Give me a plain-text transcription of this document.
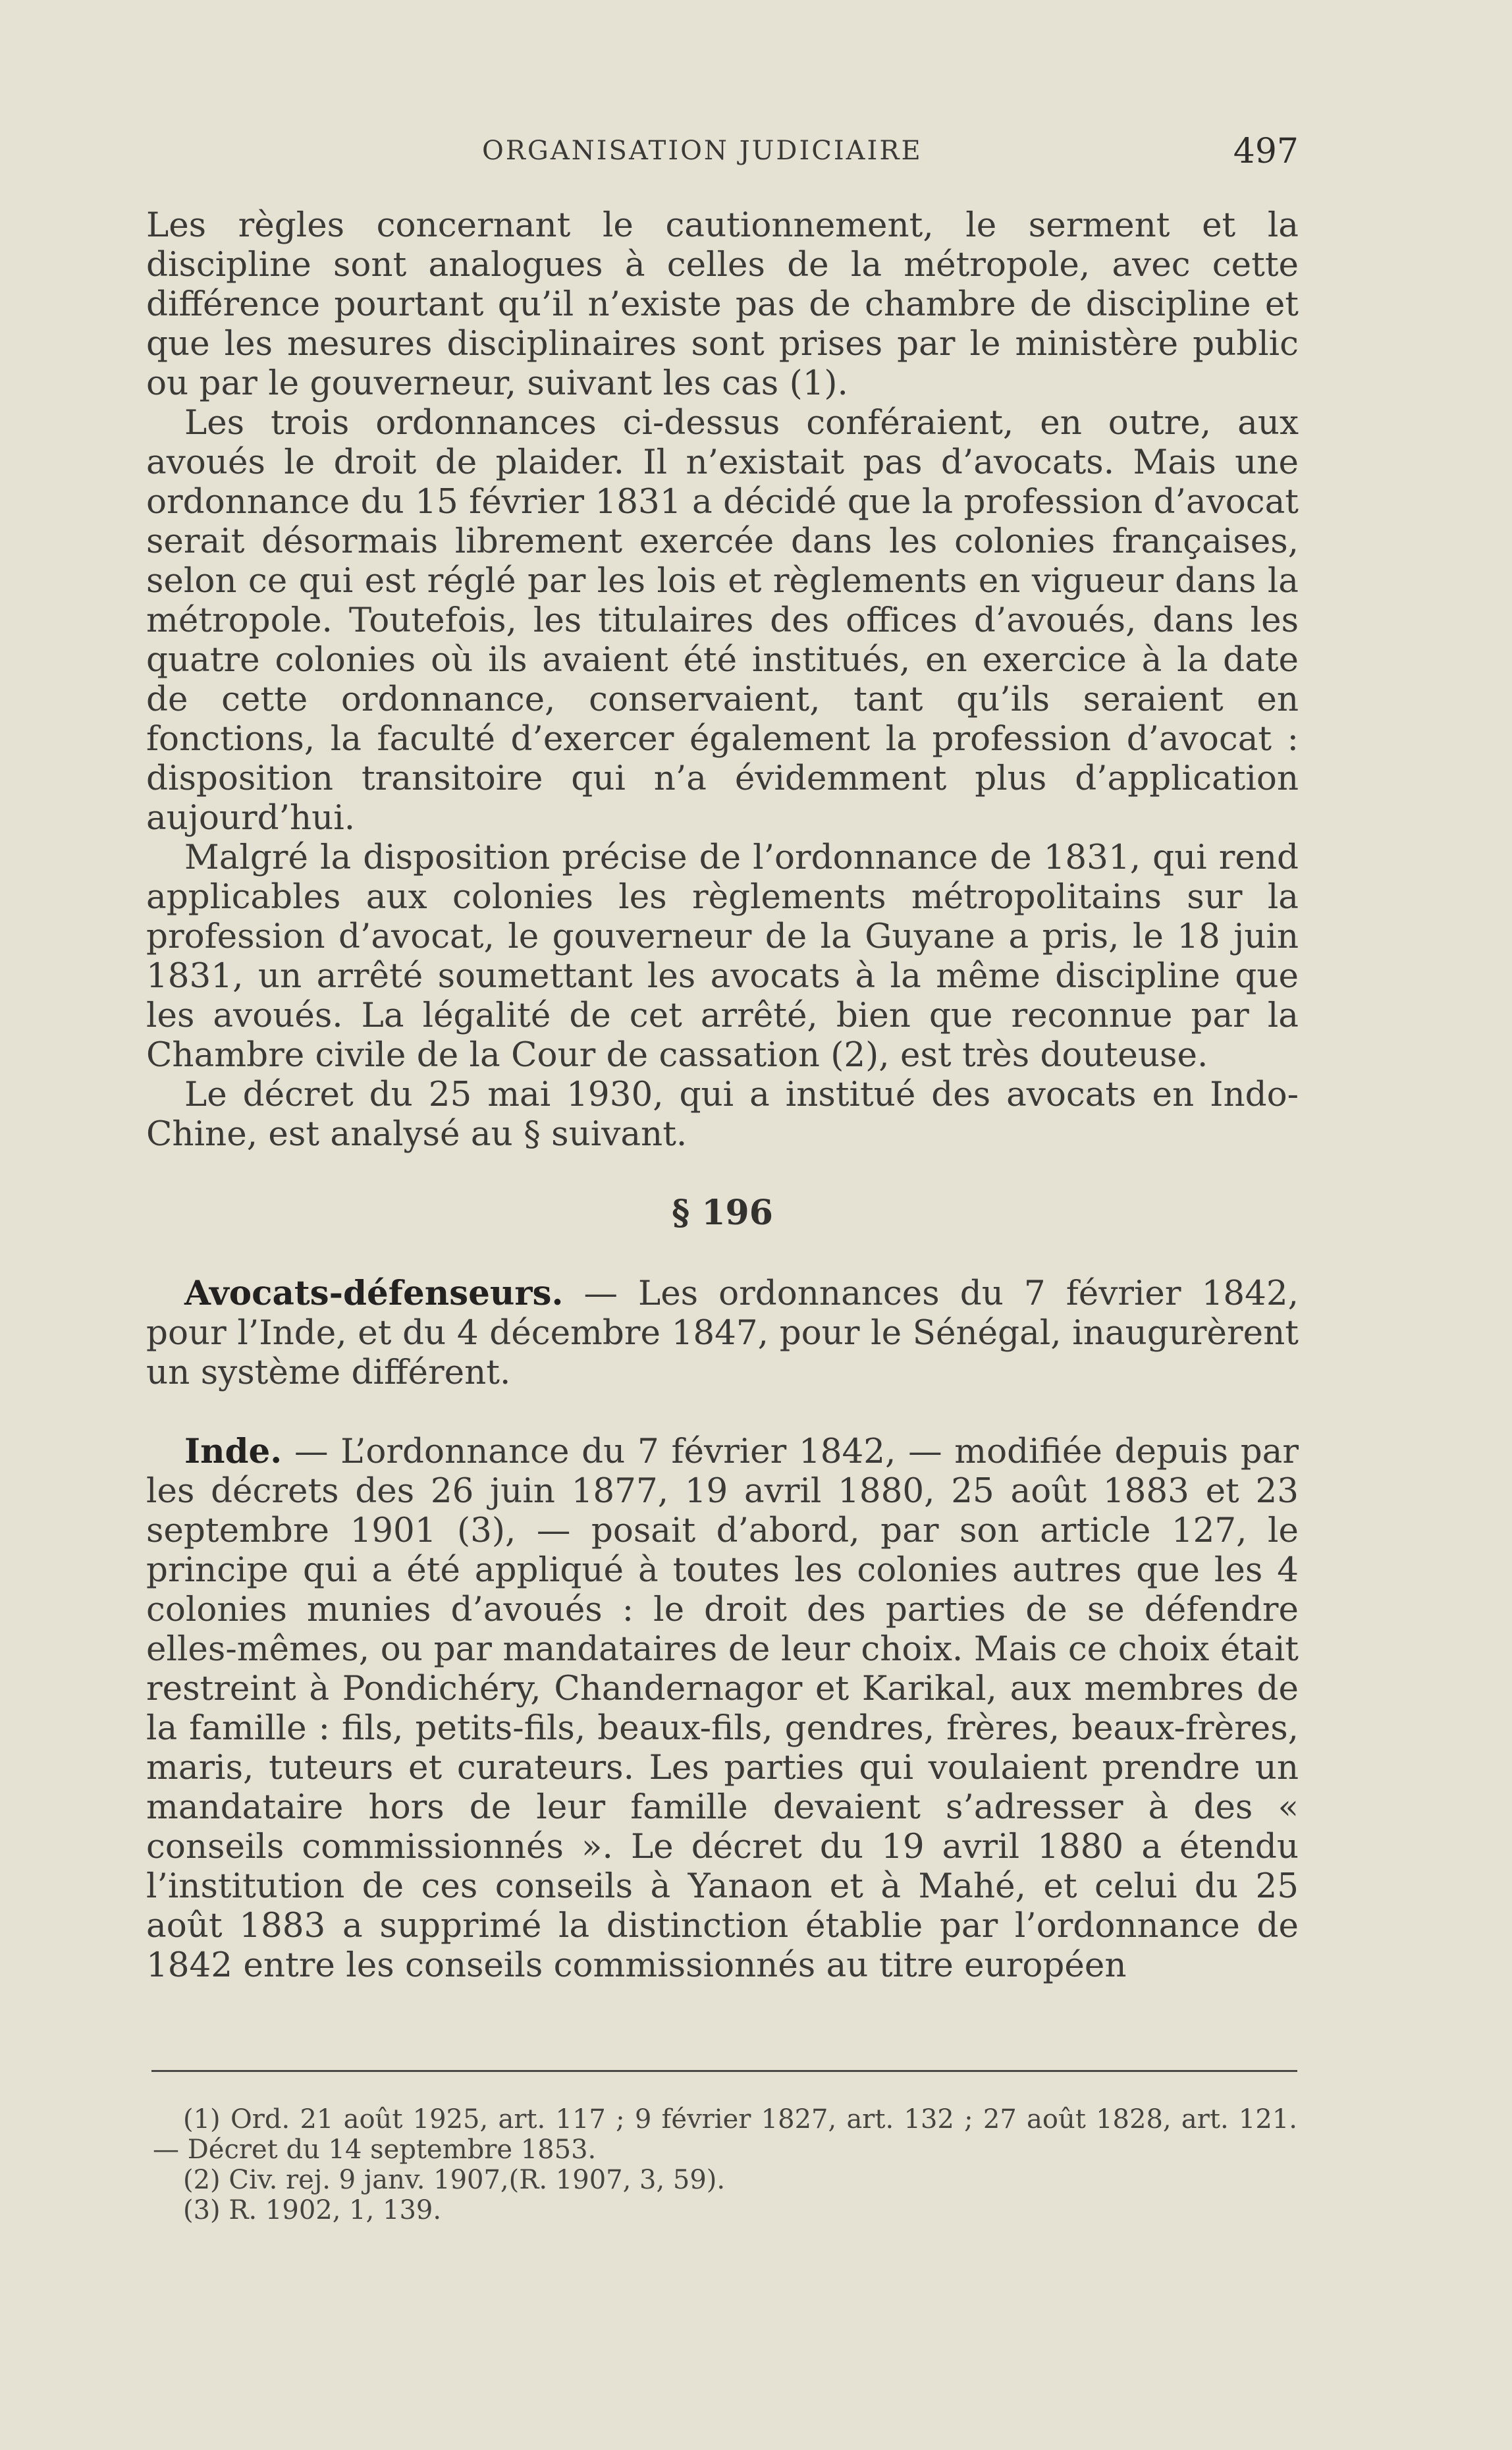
ORGANISATION JUDICIAIRE	497

Les règles concernant le cautionnement, le serment et la discipline sont analogues à celles de la métropole, avec cette différence pourtant qu’il n’existe pas de chambre de discipline et que les mesures disciplinaires sont prises par le ministère public ou par le gouverneur, suivant les cas (1).

Les trois ordonnances ci-dessus conféraient, en outre, aux avoués le droit de plaider. Il n’existait pas d’avocats. Mais une ordonnance du 15 février 1831 a décidé que la profession d’avocat serait désormais librement exercée dans les colonies françaises, selon ce qui est réglé par les lois et règlements en vigueur dans la métropole. Toutefois, les titulaires des offices d’avoués, dans les quatre colonies où ils avaient été institués, en exercice à la date de cette ordonnance, conservaient, tant qu’ils seraient en fonctions, la faculté d’exercer également la profession d’avocat : disposition transitoire qui n’a évidemment plus d’application aujourd’hui.

Malgré la disposition précise de l’ordonnance de 1831, qui rend applicables aux colonies les règlements métropolitains sur la profession d’avocat, le gouverneur de la Guyane a pris, le 18 juin 1831, un arrêté soumettant les avocats à la même discipline que les avoués. La légalité de cet arrêté, bien que reconnue par la Chambre civile de la Cour de cassation (2), est très douteuse.

Le décret du 25 mai 1930, qui a institué des avocats en Indo-Chine, est analysé au § suivant.

§ 196

Avocats-défenseurs. — Les ordonnances du 7 février 1842, pour l’Inde, et du 4 décembre 1847, pour le Sénégal, inaugurèrent un système différent.

Inde. — L’ordonnance du 7 février 1842, — modifiée depuis par les décrets des 26 juin 1877, 19 avril 1880, 25 août 1883 et 23 septembre 1901 (3), — posait d’abord, par son article 127, le principe qui a été appliqué à toutes les colonies autres que les 4 colonies munies d’avoués : le droit des parties de se défendre elles-mêmes, ou par mandataires de leur choix. Mais ce choix était restreint à Pondichéry, Chandernagor et Karikal, aux membres de la famille : fils, petits-fils, beaux-fils, gendres, frères, beaux-frères, maris, tuteurs et curateurs. Les parties qui voulaient prendre un mandataire hors de leur famille devaient s’adresser à des « conseils commissionnés ». Le décret du 19 avril 1880 a étendu l’institution de ces conseils à Yanaon et à Mahé, et celui du 25 août 1883 a supprimé la distinction établie par l’ordonnance de 1842 entre les conseils commissionnés au titre européen

(1) Ord. 21 août 1925, art. 117 ; 9 février 1827, art. 132 ; 27 août 1828, art. 121. — Décret du 14 septembre 1853.

(2) Civ. rej. 9 janv. 1907,(R. 1907, 3, 59).

(3) R. 1902, 1, 139.
